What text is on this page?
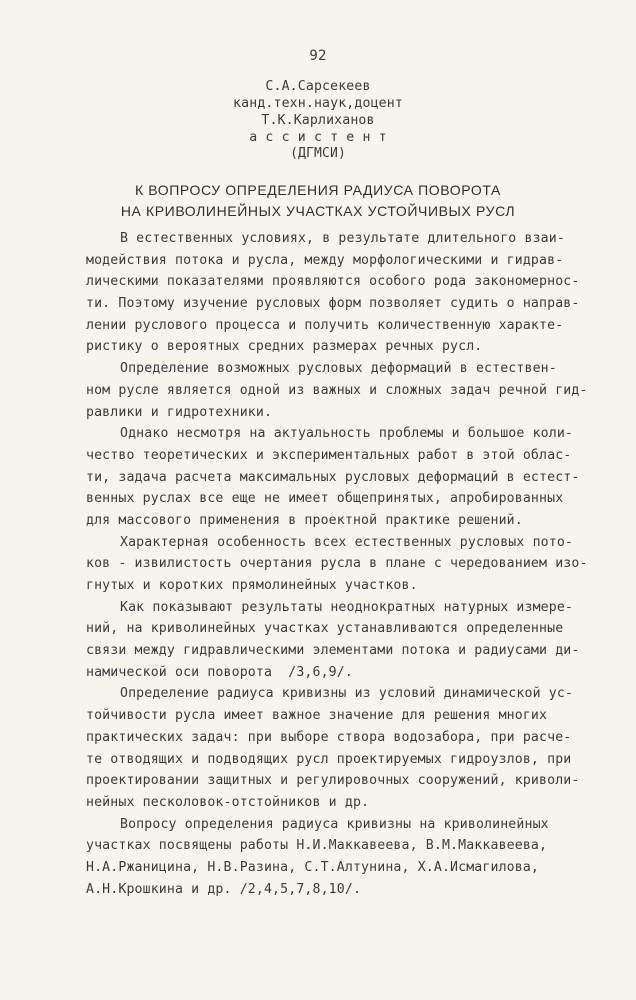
92
С.А.Сарсекеев
канд.техн.наук,доцент
Т.К.Карлиханов
а с с и с т е н т
(ДГМСИ)
К ВОПРОСУ ОПРЕДЕЛЕНИЯ РАДИУСА ПОВОРОТА
НА КРИВОЛИНЕЙНЫХ УЧАСТКАХ УСТОЙЧИВЫХ РУСЛ
В естественных условиях, в результате длительного взаи-
модействия потока и русла, между морфологическими и гидрав-
лическими показателями проявляются особого рода закономернос-
ти. Поэтому изучение русловых форм позволяет судить о направ-
лении руслового процесса и получить количественную характе-
ристику о вероятных средних размерах речных русл.
Определение возможных русловых деформаций в естествен-
ном русле является одной из важных и сложных задач речной гид-
равлики и гидротехники.
Однако несмотря на актуальность проблемы и большое коли-
чество теоретических и экспериментальных работ в этой облас-
ти, задача расчета максимальных русловых деформаций в естест-
венных руслах все еще не имеет общепринятых, апробированных
для массового применения в проектной практике решений.
Характерная особенность всех естественных русловых пото-
ков - извилистость очертания русла в плане с чередованием изо-
гнутых и коротких прямолинейных участков.
Как показывают результаты неоднократных натурных измере-
ний, на криволинейных участках устанавливаются определенные
связи между гидравлическими элементами потока и радиусами ди-
намической оси поворота  /3,6,9/.
Определение радиуса кривизны из условий динамической ус-
тойчивости русла имеет важное значение для решения многих
практических задач: при выборе створа водозабора, при расче-
те отводящих и подводящих русл проектируемых гидроузлов, при
проектировании защитных и регулировочных сооружений, криволи-
нейных песколовок-отстойников и др.
Вопросу определения радиуса кривизны на криволинейных
участках посвящены работы Н.И.Маккавеева, В.М.Маккавеева,
Н.А.Ржаницина, Н.В.Разина, С.Т.Алтунина, Х.А.Исмагилова,
А.Н.Крошкина и др. /2,4,5,7,8,10/.
